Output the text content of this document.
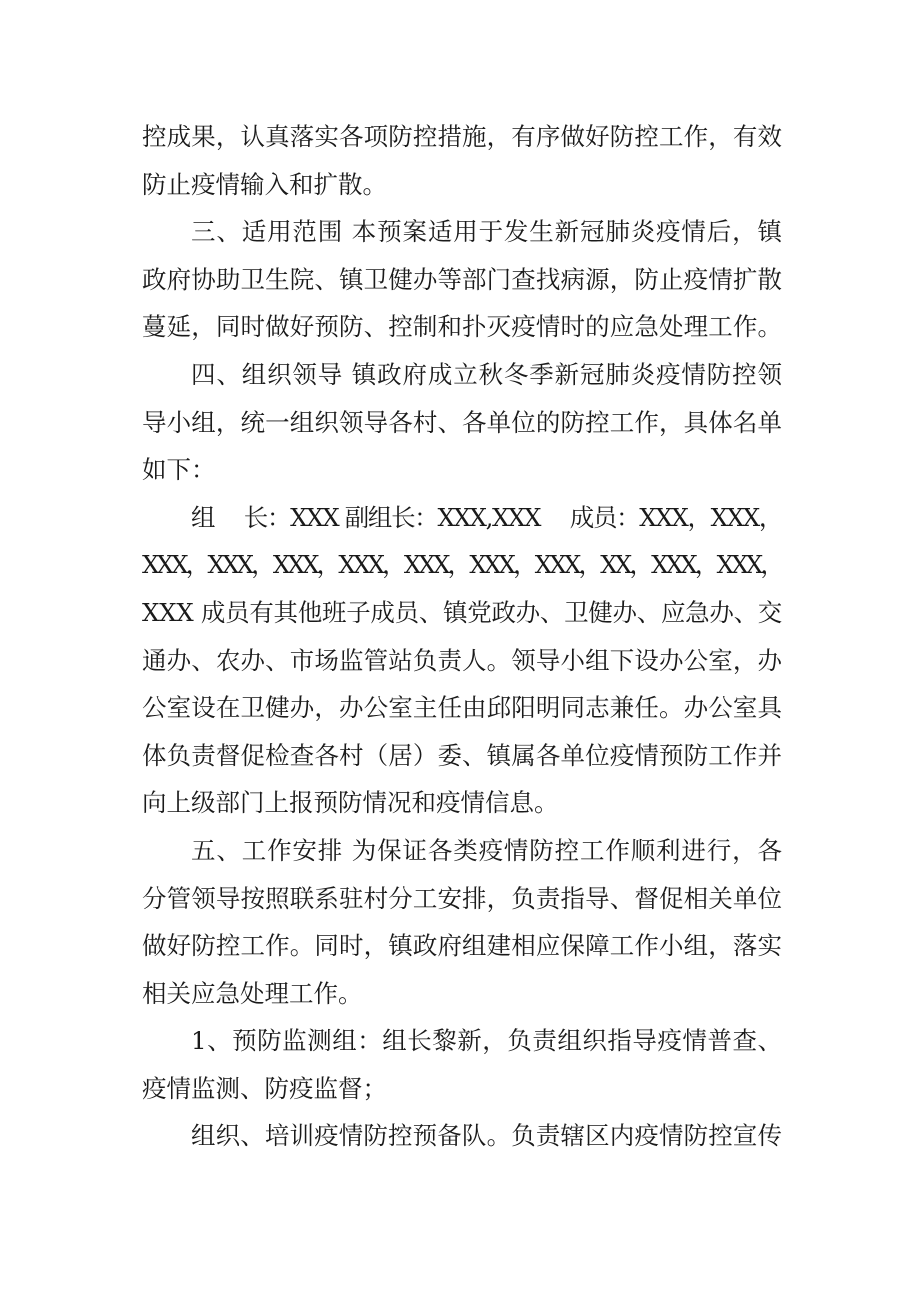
控成果，认真落实各项防控措施，有序做好防控工作，有效
防止疫情输入和扩散。
三、适用范围 本预案适用于发生新冠肺炎疫情后，镇
政府协助卫生院、镇卫健办等部门查找病源，防止疫情扩散
蔓延，同时做好预防、控制和扑灭疫情时的应急处理工作。
四、组织领导 镇政府成立秋冬季新冠肺炎疫情防控领
导小组，统一组织领导各村、各单位的防控工作，具体名单
如下：
组　 长：XXX 副组长：XXX,XXX　 成员：XXX，XXX，
XXX，XXX，XXX，XXX，XXX，XXX，XXX，XX，XXX，XXX，
XXX 成员有其他班子成员、镇党政办、卫健办、应急办、交
通办、农办、市场监管站负责人。领导小组下设办公室，办
公室设在卫健办，办公室主任由邱阳明同志兼任。办公室具
体负责督促检查各村（居）委、镇属各单位疫情预防工作并
向上级部门上报预防情况和疫情信息。
五、工作安排 为保证各类疫情防控工作顺利进行，各
分管领导按照联系驻村分工安排，负责指导、督促相关单位
做好防控工作。同时，镇政府组建相应保障工作小组，落实
相关应急处理工作。
1、预防监测组：组长黎新，负责组织指导疫情普查、
疫情监测、防疫监督；
组织、培训疫情防控预备队。负责辖区内疫情防控宣传
